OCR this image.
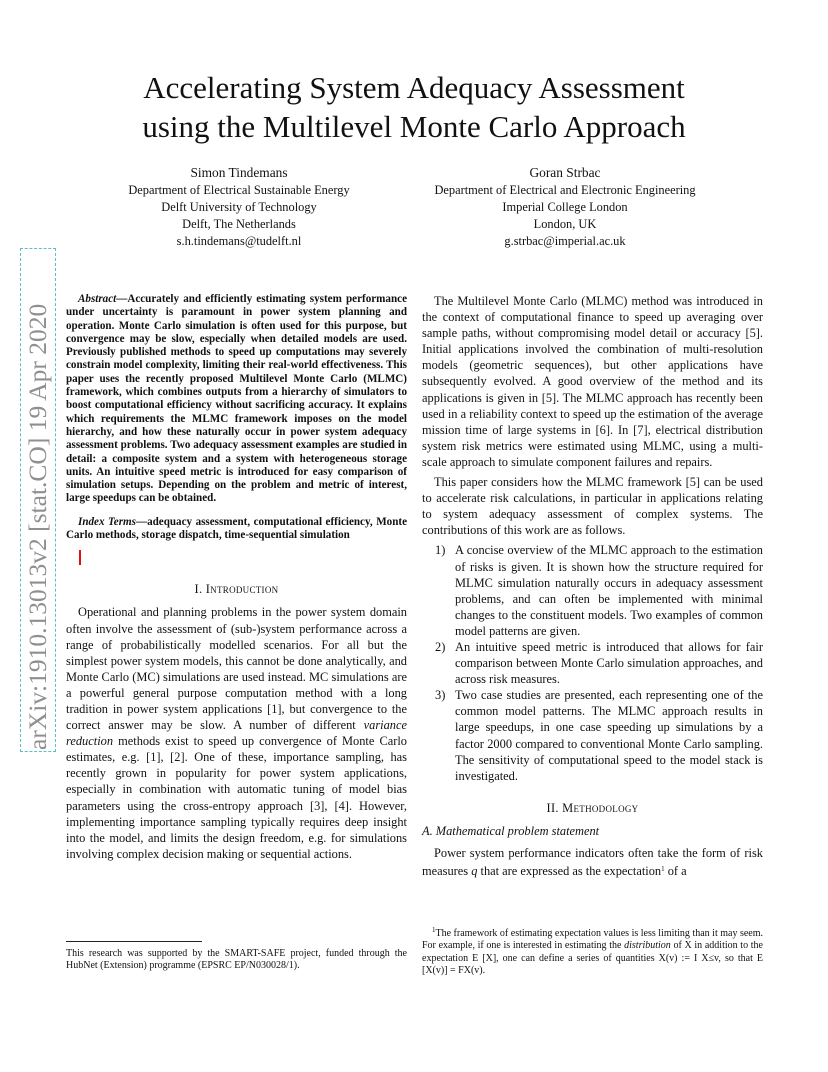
Accelerating System Adequacy Assessment
using the Multilevel Monte Carlo Approach
Simon Tindemans
Department of Electrical Sustainable Energy
Delft University of Technology
Delft, The Netherlands
s.h.tindemans@tudelft.nl
Goran Strbac
Department of Electrical and Electronic Engineering
Imperial College London
London, UK
g.strbac@imperial.ac.uk
arXiv:1910.13013v2 [stat.CO] 19 Apr 2020

Abstract—Accurately and efficiently estimating system performance under uncertainty is paramount in power system planning and operation. Monte Carlo simulation is often used for this purpose, but convergence may be slow, especially when detailed models are used. Previously published methods to speed up computations may severely constrain model complexity, limiting their real-world effectiveness. This paper uses the recently proposed Multilevel Monte Carlo (MLMC) framework, which combines outputs from a hierarchy of simulators to boost computational efficiency without sacrificing accuracy. It explains which requirements the MLMC framework imposes on the model hierarchy, and how these naturally occur in power system adequacy assessment problems. Two adequacy assessment examples are studied in detail: a composite system and a system with heterogeneous storage units. An intuitive speed metric is introduced for easy comparison of simulation setups. Depending on the problem and metric of interest, large speedups can be obtained.

Index Terms—adequacy assessment, computational efficiency, Monte Carlo methods, storage dispatch, time-sequential simulation

I. Introduction

Operational and planning problems in the power system domain often involve the assessment of (sub-)system performance across a range of probabilistically modelled scenarios. For all but the simplest power system models, this cannot be done analytically, and Monte Carlo (MC) simulations are used instead. MC simulations are a powerful general purpose computation method with a long tradition in power system applications [1], but convergence to the correct answer may be slow. A number of different variance reduction methods exist to speed up convergence of Monte Carlo estimates, e.g. [1], [2]. One of these, importance sampling, has recently grown in popularity for power system applications, especially in combination with automatic tuning of model bias parameters using the cross-entropy approach [3], [4]. However, implementing importance sampling typically requires deep insight into the model, and limits the design freedom, e.g. for simulations involving complex decision making or sequential actions.

The Multilevel Monte Carlo (MLMC) method was introduced in the context of computational finance to speed up averaging over sample paths, without compromising model detail or accuracy [5]. Initial applications involved the combination of multi-resolution models (geometric sequences), but other applications have subsequently evolved. A good overview of the method and its applications is given in [5]. The MLMC approach has recently been used in a reliability context to speed up the estimation of the average mission time of large systems in [6]. In [7], electrical distribution system risk metrics were estimated using MLMC, using a multi-scale approach to simulate component failures and repairs.

This paper considers how the MLMC framework [5] can be used to accelerate risk calculations, in particular in applications relating to system adequacy assessment of complex systems. The contributions of this work are as follows.

1) A concise overview of the MLMC approach to the estimation of risks is given. It is shown how the structure required for MLMC simulation naturally occurs in adequacy assessment problems, and can often be implemented with minimal changes to the constituent models. Two examples of common model patterns are given.
2) An intuitive speed metric is introduced that allows for fair comparison between Monte Carlo simulation approaches, and across risk measures.
3) Two case studies are presented, each representing one of the common model patterns. The MLMC approach results in large speedups, in one case speeding up simulations by a factor 2000 compared to conventional Monte Carlo sampling. The sensitivity of computational speed to the model stack is investigated.
II. Methodology
A. Mathematical problem statement

Power system performance indicators often take the form of risk measures q that are expressed as the expectation$^1$ of a

This research was supported by the SMART-SAFE project, funded through the HubNet (Extension) programme (EPSRC EP/N030028/1).
$^1$The framework of estimating expectation values is less limiting than it may seem. For example, if one is interested in estimating the distribution of X in addition to the expectation E [X], one can define a series of quantities X(v) := I X≤v, so that E [X(v)] = FX(v).
